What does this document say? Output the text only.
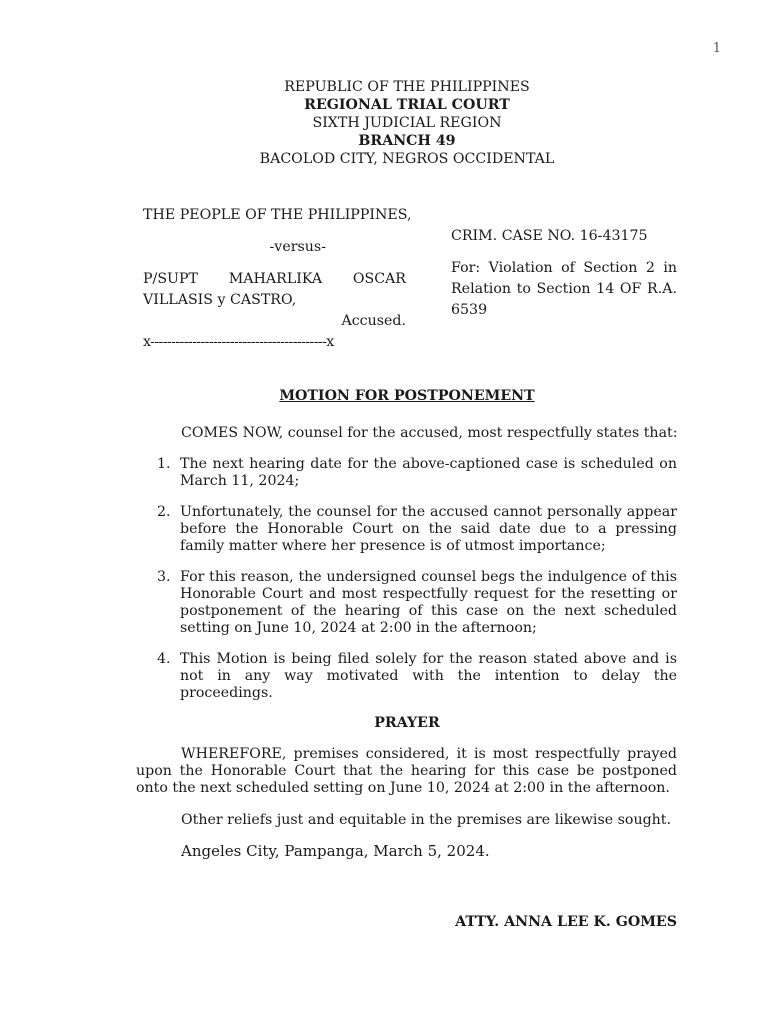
1
REPUBLIC OF THE PHILIPPINES
REGIONAL TRIAL COURT
SIXTH JUDICIAL REGION
BRANCH 49
BACOLOD CITY, NEGROS OCCIDENTAL
THE PEOPLE OF THE PHILIPPINES,
-versus-
P/SUPT MAHARLIKA OSCAR
VILLASIS y CASTRO,
Accused.
x------------------------------------------x
CRIM. CASE NO. 16-43175
For: Violation of Section 2 in Relation to Section 14 OF R.A. 6539
MOTION FOR POSTPONEMENT
COMES NOW, counsel for the accused, most respectfully states that:
1. The next hearing date for the above-captioned case is scheduled on March 11, 2024;
2. Unfortunately, the counsel for the accused cannot personally appear before the Honorable Court on the said date due to a pressing family matter where her presence is of utmost importance;
3. For this reason, the undersigned counsel begs the indulgence of this Honorable Court and most respectfully request for the resetting or postponement of the hearing of this case on the next scheduled setting on June 10, 2024 at 2:00 in the afternoon;
4. This Motion is being filed solely for the reason stated above and is not in any way motivated with the intention to delay the proceedings.
PRAYER
WHEREFORE, premises considered, it is most respectfully prayed upon the Honorable Court that the hearing for this case be postponed onto the next scheduled setting on June 10, 2024 at 2:00 in the afternoon.
Other reliefs just and equitable in the premises are likewise sought.
Angeles City, Pampanga, March 5, 2024.
ATTY. ANNA LEE K. GOMES
